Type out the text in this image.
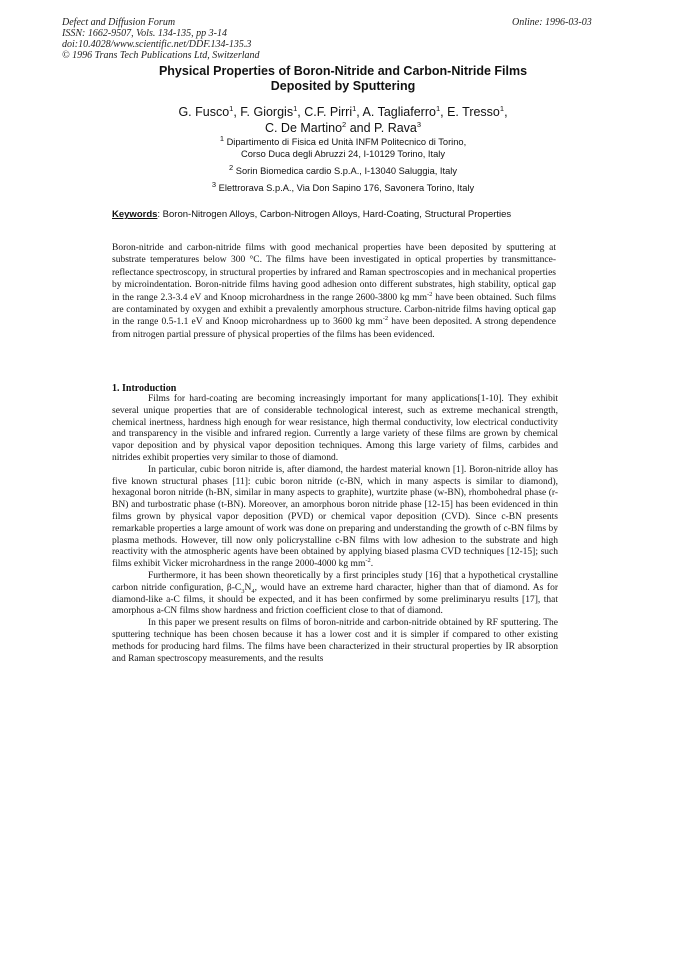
Defect and Diffusion Forum
ISSN: 1662-9507, Vols. 134-135, pp 3-14
doi:10.4028/www.scientific.net/DDF.134-135.3
© 1996 Trans Tech Publications Ltd, Switzerland
Online: 1996-03-03
Physical Properties of Boron-Nitride and Carbon-Nitride Films
Deposited by Sputtering
G. Fusco$^1$, F. Giorgis$^1$, C.F. Pirri$^1$, A. Tagliaferro$^1$, E. Tresso$^1$,
C. De Martino$^2$ and P. Rava$^3$
$^1$ Dipartimento di Fisica ed Unità INFM Politecnico di Torino,
Corso Duca degli Abruzzi 24, I-10129 Torino, Italy
$^2$ Sorin Biomedica cardio S.p.A., I-13040 Saluggia, Italy
$^3$ Elettrorava S.p.A., Via Don Sapino 176, Savonera Torino, Italy
Keywords: Boron-Nitrogen Alloys, Carbon-Nitrogen Alloys, Hard-Coating, Structural Properties
Boron-nitride and carbon-nitride films with good mechanical properties have been deposited by sputtering at substrate temperatures below 300 °C. The films have been investigated in optical properties by transmittance-reflectance spectroscopy, in structural properties by infrared and Raman spectroscopies and in mechanical properties by microindentation. Boron-nitride films having good adhesion onto different substrates, high stability, optical gap in the range 2.3-3.4 eV and Knoop microhardness in the range 2600-3800 kg $mm^{-2}$ have been obtained. Such films are contaminated by oxygen and exhibit a prevalently amorphous structure. Carbon-nitride films having optical gap in the range 0.5-1.1 eV and Knoop microhardness up to 3600 kg $mm^{-2}$ have been deposited. A strong dependence from nitrogen partial pressure of physical properties of the films has been evidenced.
1. Introduction

Films for hard-coating are becoming increasingly important for many applications[1-10]. They exhibit several unique properties that are of considerable technological interest, such as extreme mechanical strength, chemical inertness, hardness high enough for wear resistance, high thermal conductivity, low electrical conductivity and transparency in the visible and infrared region. Currently a large variety of these films are grown by chemical vapor deposition and by physical vapor deposition techniques. Among this large variety of films, carbides and nitrides exhibit properties very similar to those of diamond.

In particular, cubic boron nitride is, after diamond, the hardest material known [1]. Boron-nitride alloy has five known structural phases [11]: cubic boron nitride (c-BN, which in many aspects is similar to diamond), hexagonal boron nitride (h-BN, similar in many aspects to graphite), wurtzite phase (w-BN), rhombohedral phase (r-BN) and turbostratic phase (t-BN). Moreover, an amorphous boron nitride phase [12-15] has been evidenced in thin films grown by physical vapor deposition (PVD) or chemical vapor deposition (CVD). Since c-BN presents remarkable properties a large amount of work was done on preparing and understanding the growth of c-BN films by plasma methods. However, till now only policrystalline c-BN films with low adhesion to the substrate and high reactivity with the atmospheric agents have been obtained by applying biased plasma CVD techniques [12-15]; such films exhibit Vicker microhardness in the range 2000-4000 kg $mm^{-2}$.

Furthermore, it has been shown theoretically by a first principles study [16] that a hypothetical crystalline carbon nitride configuration, $\beta-C_3N_4$, would have an extreme hard character, higher than that of diamond. As for diamond-like a-C films, it should be expected, and it has been confirmed by some preliminaryu results [17], that amorphous a-CN films show hardness and friction coefficient close to that of diamond.

In this paper we present results on films of boron-nitride and carbon-nitride obtained by RF sputtering. The sputtering technique has been chosen because it has a lower cost and it is simpler if compared to other existing methods for producing hard films. The films have been characterized in their structural properties by IR absorption and Raman spectroscopy measurements, and the results
